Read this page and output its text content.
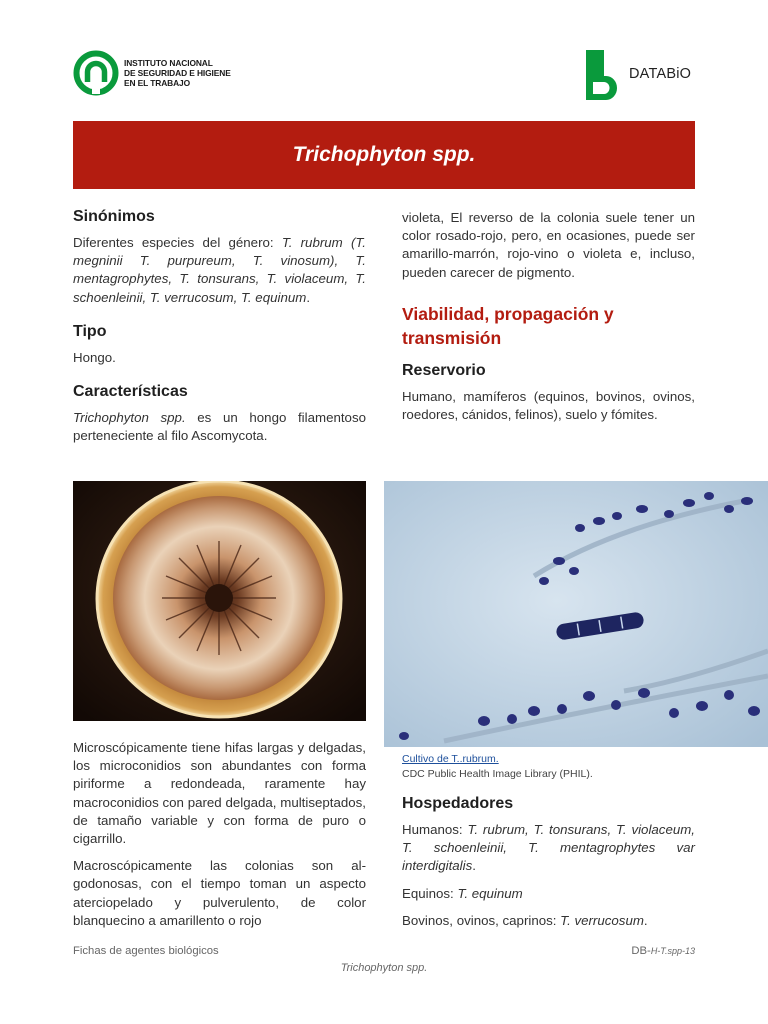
INSTITUTO NACIONAL
DE SEGURIDAD E HIGIENE
EN EL TRABAJO
DATABiO
Trichophyton spp.
Sinónimos

Diferentes especies del género: T. rubrum (T. megninii T. purpureum, T. vinosum), T. mentagrophytes, T. tonsurans, T. violaceum, T. schoenleinii, T. verrucosum, T. equinum.

Tipo

Hongo.

Características

Trichophyton spp. es un hongo filamentoso perteneciente al filo Ascomycota.

Microscópicamente tiene hifas largas y delgadas, los microconidios son abundantes con forma piriforme a redondeada, raramente hay macroconidios con pared delgada, multiseptados, de tamaño variable y con forma de puro o cigarrillo.

Macroscópicamente las colonias son algodonosas, con el tiempo toman un aspecto aterciopelado y pulverulento, de color blanquecino a amarillento o rojo

violeta, El reverso de la colonia suele tener un color rosado-rojo, pero, en ocasiones, puede ser amarillo-marrón, rojo-vino o violeta e, incluso, pueden carecer de pigmento.

Viabilidad, propagación y transmisión
Reservorio

Humano, mamíferos (equinos, bovinos, ovinos, roedores, cánidos, felinos), suelo y fómites.

Cultivo de T..rubrum.
CDC Public Health Image Library (PHIL).
Hospedadores

Humanos: T. rubrum, T. tonsurans, T. violaceum, T. schoenleinii, T. mentagrophytes var interdigitalis.

Equinos: T. equinum

Bovinos, ovinos, caprinos: T. verrucosum.

Fichas de agentes biológicos	DB-H-T.spp-13
Trichophyton spp.
